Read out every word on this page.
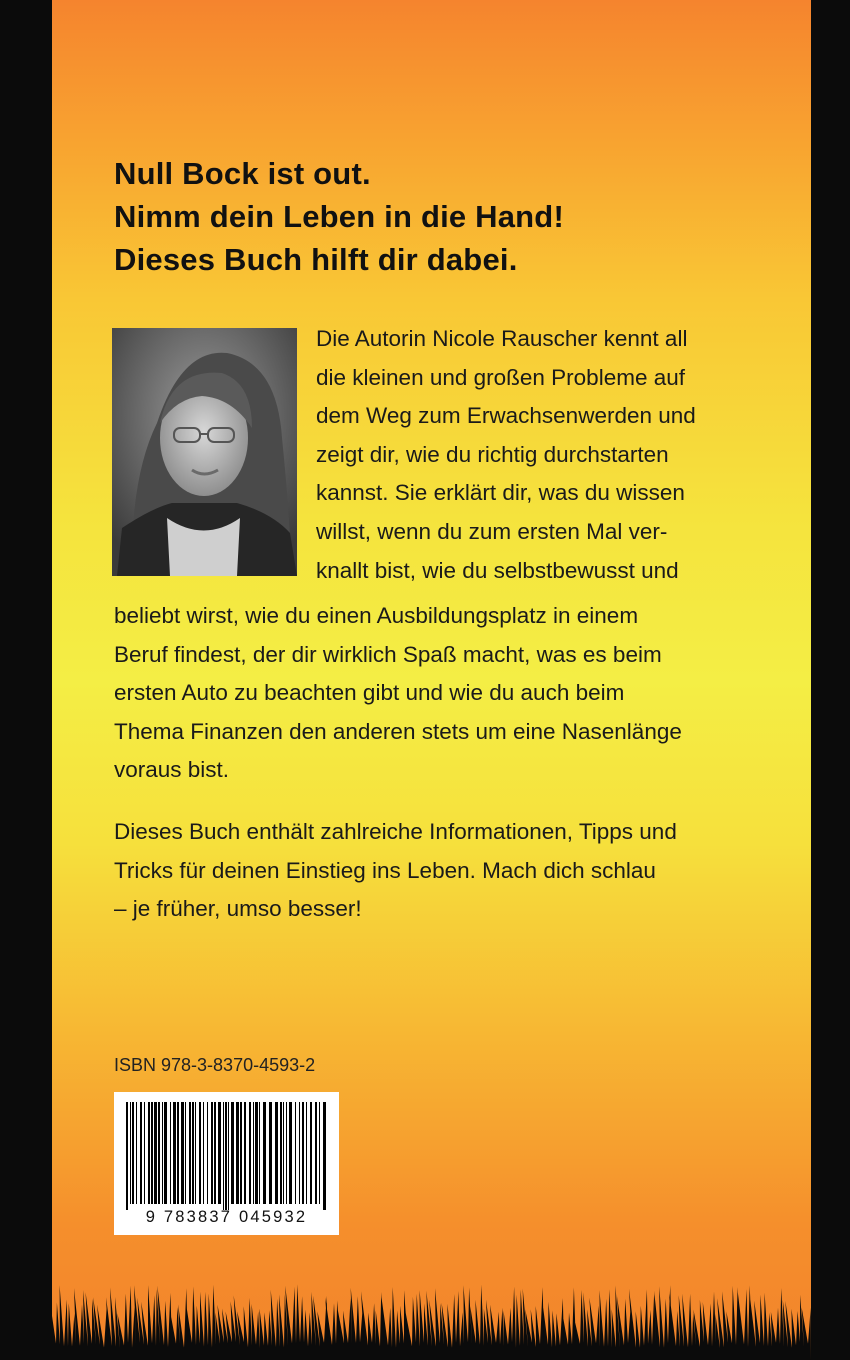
Null Bock ist out.
Nimm dein Leben in die Hand!
Dieses Buch hilft dir dabei.

Die Autorin Nicole Rauscher kennt all
die kleinen und großen Probleme auf
dem Weg zum Erwachsenwerden und
zeigt dir, wie du richtig durchstarten
kannst. Sie erklärt dir, was du wissen
willst, wenn du zum ersten Mal ver-
knallt bist, wie du selbstbewusst und

beliebt wirst, wie du einen Ausbildungsplatz in einem
Beruf findest, der dir wirklich Spaß macht, was es beim
ersten Auto zu beachten gibt und wie du auch beim
Thema Finanzen den anderen stets um eine Nasenlänge
voraus bist.

Dieses Buch enthält zahlreiche Informationen, Tipps und
Tricks für deinen Einstieg ins Leben. Mach dich schlau
– je früher, umso besser!

ISBN 978-3-8370-4593-2
9 783837 045932
